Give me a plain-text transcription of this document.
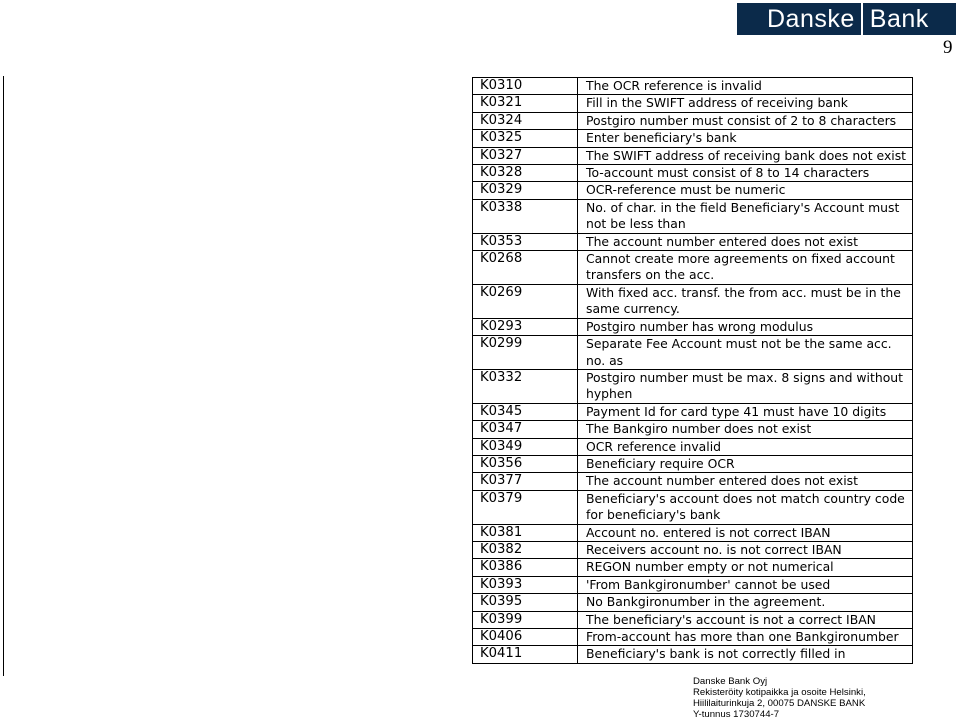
Danske Bank
9
K0310	The OCR reference is invalid
K0321	Fill in the SWIFT address of receiving bank
K0324	Postgiro number must consist of 2 to 8 characters
K0325	Enter beneficiary's bank
K0327	The SWIFT address of receiving bank does not exist
K0328	To-account must consist of 8 to 14 characters
K0329	OCR-reference must be numeric
K0338	No. of char. in the field Beneficiary's Account must not be less than
K0353	The account number entered does not exist
K0268	Cannot create more agreements on fixed account transfers on the acc.
K0269	With fixed acc. transf. the from acc. must be in the same currency.
K0293	Postgiro number has wrong modulus
K0299	Separate Fee Account must not be the same acc. no. as
K0332	Postgiro number must be max. 8 signs and without hyphen
K0345	Payment Id for card type 41 must have 10 digits
K0347	The Bankgiro number does not exist
K0349	OCR reference invalid
K0356	Beneficiary require OCR
K0377	The account number entered does not exist
K0379	Beneficiary's account does not match country code for beneficiary's bank
K0381	Account no. entered is not correct IBAN
K0382	Receivers account no. is not correct IBAN
K0386	REGON number empty or not numerical
K0393	'From Bankgironumber' cannot be used
K0395	No Bankgironumber in the agreement.
K0399	The beneficiary's account is not a correct IBAN
K0406	From-account has more than one Bankgironumber
K0411	Beneficiary's bank is not correctly filled in
Danske Bank Oyj
Rekisteröity kotipaikka ja osoite Helsinki,
Hiililaiturinkuja 2, 00075 DANSKE BANK
Y-tunnus 1730744-7
